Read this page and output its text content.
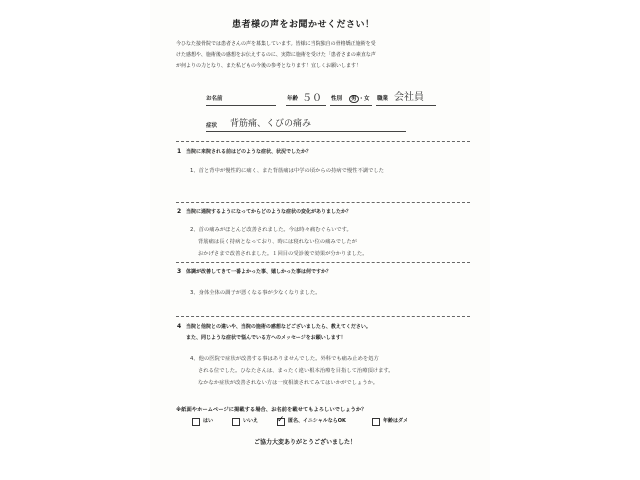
患者様の声をお聞かせください！
今ひなた接骨院では患者さんの声を募集しています。皆様に当院独自の骨格矯正施術を受
けた感想や、施術後の感想をお伝えするのに、実際に施術を受けた「患者さまの素直な声
が何よりの力となり、また私どもの今後の参考となります！宜しくお願いします！
お名前	年齢 ５０ 性別	男 ・女 職業 会社員
症状 背筋痛、くびの痛み
1 当院に来院される前はどのような症状、状況でしたか？
1、首と背中が慢性的に痛く、また背筋痛は中学の頃からの持病で慢性不調でした
2 当院に通院するようになってからどのような症状の変化がありましたか？
2、首の痛みがほとんど改善されました。今は時々痛むぐらいです。
背筋痛は長く持病となっており、時には寝れない位の痛みでしたが
おかげさまで改善されました。１回目の受診後で効果が分かりました。
3 体調が改善してきて一番よかった事、嬉しかった事は何ですか？
3、身体全体の調子が悪くなる事が少なくなりました。
4 当院と他院との違いや、当院の施術の感想などございましたら、教えてください。
また、同じような症状で悩んでいる方へのメッセージをお願いします！
4、他の医院で症状が改善する事はありませんでした。外科でも痛み止めを処方
される位でした。ひなたさんは、まったく違い根本治療を目指して治療頂けます。
なかなか症状が改善されない方は一度相談されてみてはいかがでしょうか。
※紙面やホームページに掲載する場合、お名前を載せてもよろしいでしょうか？
はい	いいえ
✓	匿名、イニシャルならOK	年齢はダメ
ご協力大変ありがとうございました！
